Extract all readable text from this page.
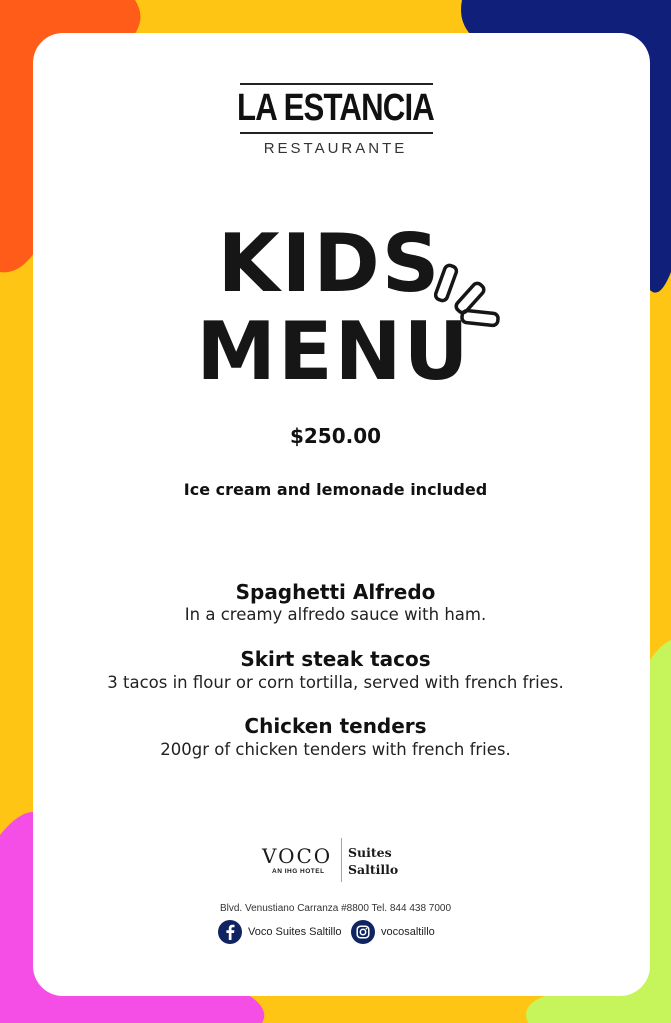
LA ESTANCIA
RESTAURANTE
KIDS
MENU
$250.00
Ice cream and lemonade included
Spaghetti Alfredo
In a creamy alfredo sauce with ham.
Skirt steak tacos
3 tacos in flour or corn tortilla, served with french fries.
Chicken tenders
200gr of chicken tenders with french fries.
VOCO
AN IHG HOTEL
Suites
Saltillo
Blvd. Venustiano Carranza #8800 Tel. 844 438 7000
Voco Suites Saltillo	vocosaltillo
